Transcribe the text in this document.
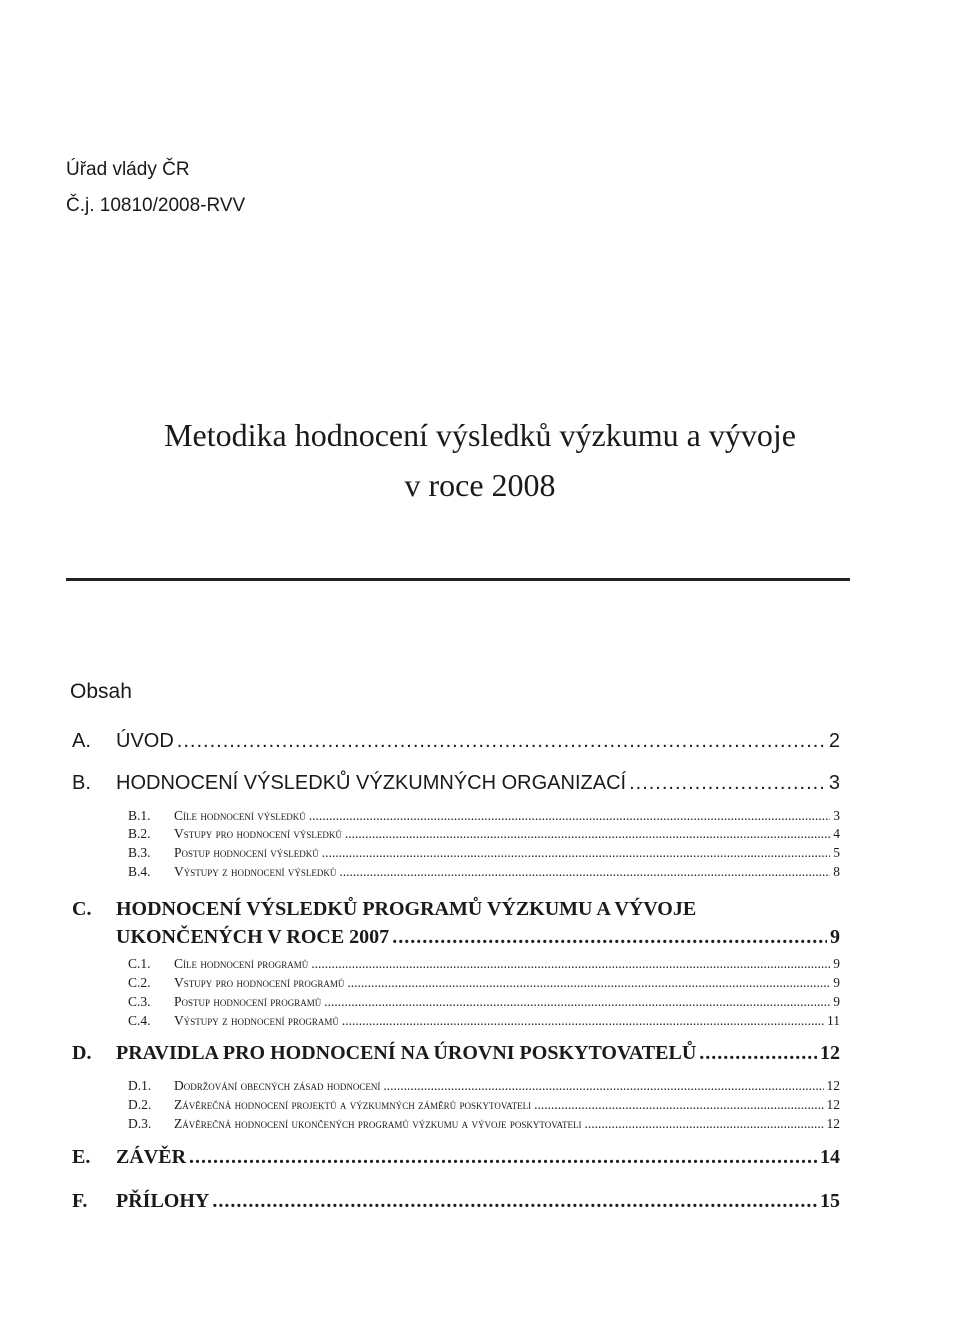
Úřad vlády ČR
Č.j. 10810/2008-RVV
Metodika hodnocení výsledků výzkumu a vývoje
v roce 2008
Obsah
A.	ÚVOD .....	2
B.	HODNOCENÍ VÝSLEDKŮ VÝZKUMNÝCH ORGANIZACÍ .....	3
B.1.	Cíle hodnocení výsledků .....	3
B.2.	Vstupy pro hodnocení výsledků .....	4
B.3.	Postup hodnocení výsledků .....	5
B.4.	Výstupy z hodnocení výsledků .....	8
C. HODNOCENÍ VÝSLEDKŮ PROGRAMŮ VÝZKUMU A VÝVOJE
UKONČENÝCH V ROCE 2007 .....	9
C.1.	Cíle hodnocení programů .....	9
C.2.	Vstupy pro hodnocení programů .....	9
C.3.	Postup hodnocení programů .....	9
C.4.	Výstupy z hodnocení programů .....	11
D.	PRAVIDLA PRO HODNOCENÍ NA ÚROVNI POSKYTOVATELŮ .....	12
D.1.	Dodržování obecných zásad hodnocení .....	12
D.2.	Závěrečná hodnocení projektů a výzkumných záměrů poskytovateli .....	12
D.3.	Závěrečná hodnocení ukončených programů výzkumu a vývoje poskytovateli .....	12
E.	ZÁVĚR .....	14
F.	PŘÍLOHY .....	15
